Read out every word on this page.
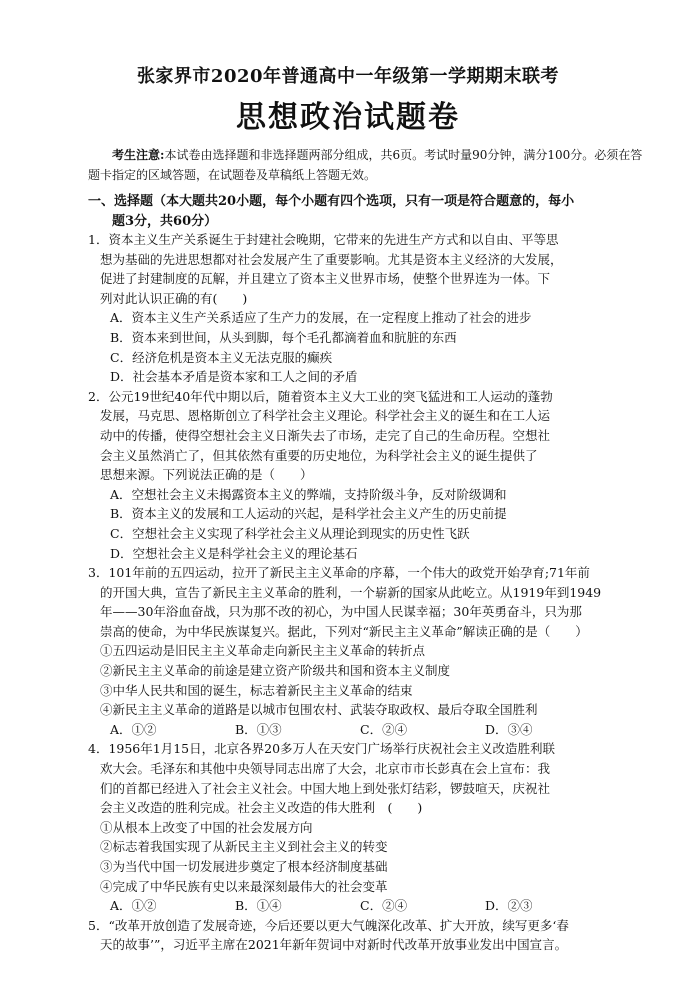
张家界市2020年普通高中一年级第一学期期末联考
思想政治试题卷
考生注意:本试卷由选择题和非选择题两部分组成，共6页。考试时量90分钟，满分100分。必须在答题卡指定的区域答题，在试题卷及草稿纸上答题无效。
一、选择题（本大题共20小题，每个小题有四个选项，只有一项是符合题意的，每小
题3分，共60分）
1．资本主义生产关系诞生于封建社会晚期，它带来的先进生产方式和以自由、平等思
想为基础的先进思想都对社会发展产生了重要影响。尤其是资本主义经济的大发展，
促进了封建制度的瓦解，并且建立了资本主义世界市场，使整个世界连为一体。下
列对此认识正确的有(　　)
A．资本主义生产关系适应了生产力的发展，在一定程度上推动了社会的进步
B．资本来到世间，从头到脚，每个毛孔都滴着血和肮脏的东西
C．经济危机是资本主义无法克服的癫疾
D．社会基本矛盾是资本家和工人之间的矛盾
2．公元19世纪40年代中期以后，随着资本主义大工业的突飞猛进和工人运动的蓬勃
发展，马克思、恩格斯创立了科学社会主义理论。科学社会主义的诞生和在工人运
动中的传播，使得空想社会主义日渐失去了市场，走完了自己的生命历程。空想社
会主义虽然消亡了，但其依然有重要的历史地位，为科学社会主义的诞生提供了
思想来源。下列说法正确的是（　　）
A．空想社会主义未揭露资本主义的弊端，支持阶级斗争，反对阶级调和
B．资本主义的发展和工人运动的兴起，是科学社会主义产生的历史前提
C．空想社会主义实现了科学社会主义从理论到现实的历史性飞跃
D．空想社会主义是科学社会主义的理论基石
3．101年前的五四运动，拉开了新民主主义革命的序幕，一个伟大的政党开始孕育;71年前
的开国大典，宣告了新民主主义革命的胜利，一个崭新的国家从此屹立。从1919年到1949
年——30年浴血奋战，只为那不改的初心，为中国人民谋幸福；30年英勇奋斗，只为那
崇高的使命，为中华民族谋复兴。据此，下列对“新民主主义革命”解读正确的是（　　）
①五四运动是旧民主主义革命走向新民主主义革命的转折点
②新民主主义革命的前途是建立资产阶级共和国和资本主义制度
③中华人民共和国的诞生，标志着新民主主义革命的结束
④新民主主义革命的道路是以城市包围农村、武装夺取政权、最后夺取全国胜利
A．①②	B．①③	C．②④	D．③④
4．1956年1月15日，北京各界20多万人在天安门广场举行庆祝社会主义改造胜利联
欢大会。毛泽东和其他中央领导同志出席了大会，北京市市长彭真在会上宣布：我
们的首都已经进入了社会主义社会。中国大地上到处张灯结彩，锣鼓喧天，庆祝社
会主义改造的胜利完成。社会主义改造的伟大胜利　(　　)
①从根本上改变了中国的社会发展方向
②标志着我国实现了从新民主主义到社会主义的转变
③为当代中国一切发展进步奠定了根本经济制度基础
④完成了中华民族有史以来最深刻最伟大的社会变革
A．①②	B．①④	C．②④	D．②③
5．“改革开放创造了发展奇迹，今后还要以更大气魄深化改革、扩大开放，续写更多‘春
天的故事’”，习近平主席在2021年新年贺词中对新时代改革开放事业发出中国宣言。
